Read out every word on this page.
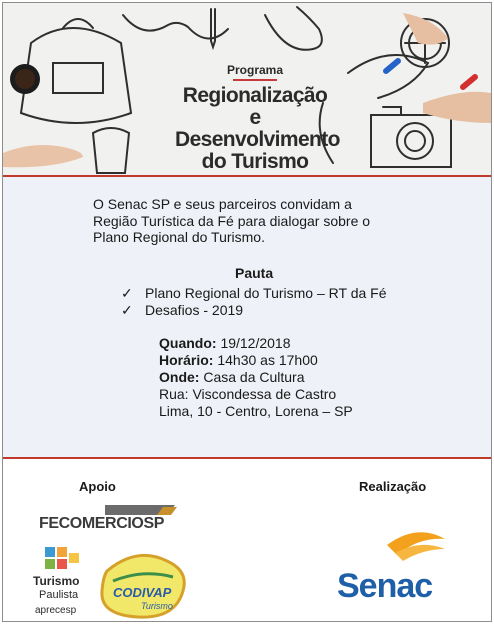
Programa
Regionalização
e Desenvolvimento
do Turismo
O Senac SP e seus parceiros convidam a Região Turística da Fé para dialogar sobre o Plano Regional do Turismo.
Pauta
✓ Plano Regional do Turismo – RT da Fé
✓ Desafios - 2019
Quando: 19/12/2018
Horário: 14h30 as 17h00
Onde: Casa da Cultura
Rua: Viscondessa de Castro
Lima, 10 - Centro, Lorena – SP
Apoio	Realização
FECOMERCIOSP
Turismo
Paulista
aprecesp
CODIVAP
Turismo
Senac
